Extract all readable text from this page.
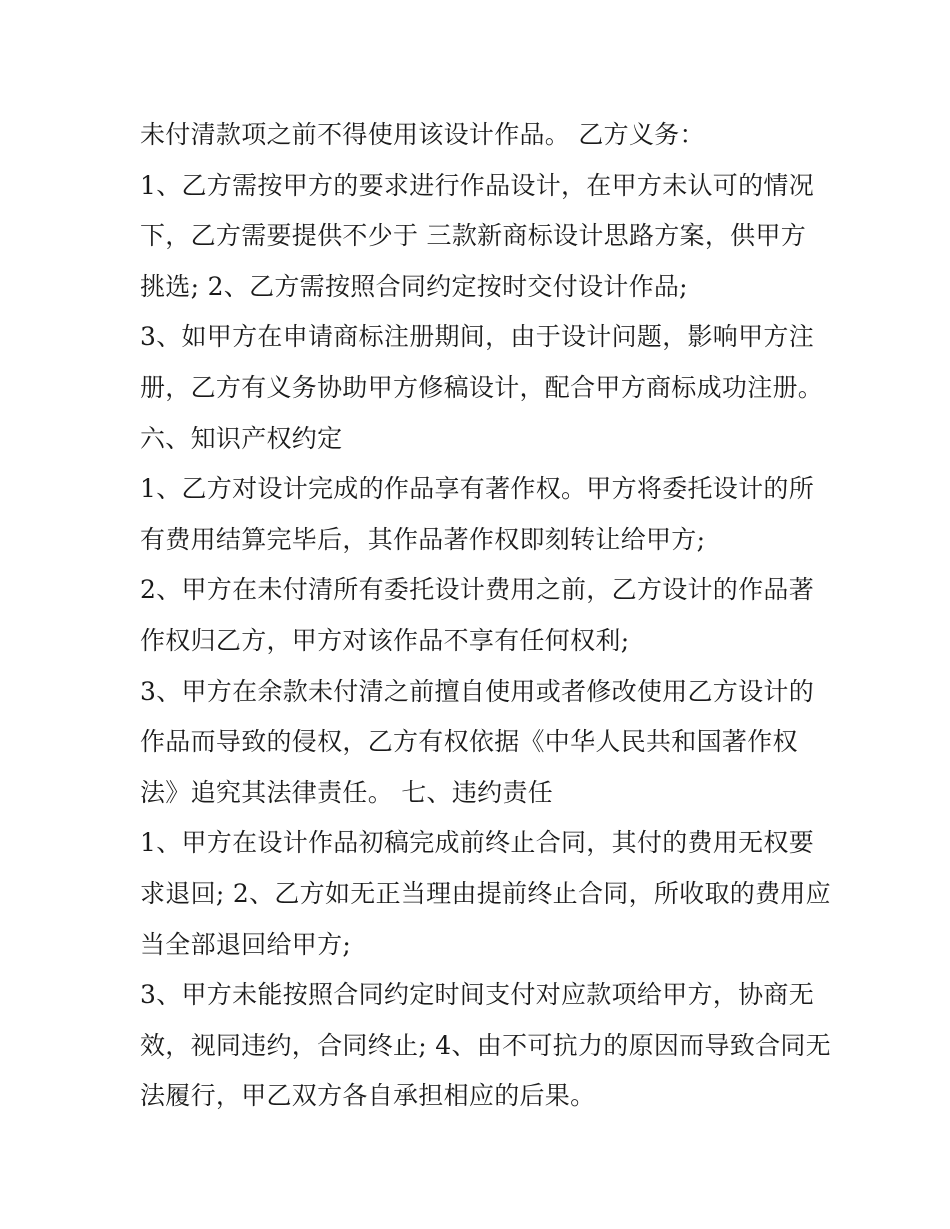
未付清款项之前不得使用该设计作品。 乙方义务：
1、乙方需按甲方的要求进行作品设计，在甲方未认可的情况
下，乙方需要提供不少于 三款新商标设计思路方案，供甲方
挑选; 2、乙方需按照合同约定按时交付设计作品;
3、如甲方在申请商标注册期间，由于设计问题，影响甲方注
册，乙方有义务协助甲方修稿设计，配合甲方商标成功注册。
六、知识产权约定
1、乙方对设计完成的作品享有著作权。甲方将委托设计的所
有费用结算完毕后，其作品著作权即刻转让给甲方;
2、甲方在未付清所有委托设计费用之前，乙方设计的作品著
作权归乙方，甲方对该作品不享有任何权利;
3、甲方在余款未付清之前擅自使用或者修改使用乙方设计的
作品而导致的侵权，乙方有权依据《中华人民共和国著作权
法》追究其法律责任。 七、违约责任
1、甲方在设计作品初稿完成前终止合同，其付的费用无权要
求退回; 2、乙方如无正当理由提前终止合同，所收取的费用应
当全部退回给甲方;
3、甲方未能按照合同约定时间支付对应款项给甲方，协商无
效，视同违约，合同终止; 4、由不可抗力的原因而导致合同无
法履行，甲乙双方各自承担相应的后果。
